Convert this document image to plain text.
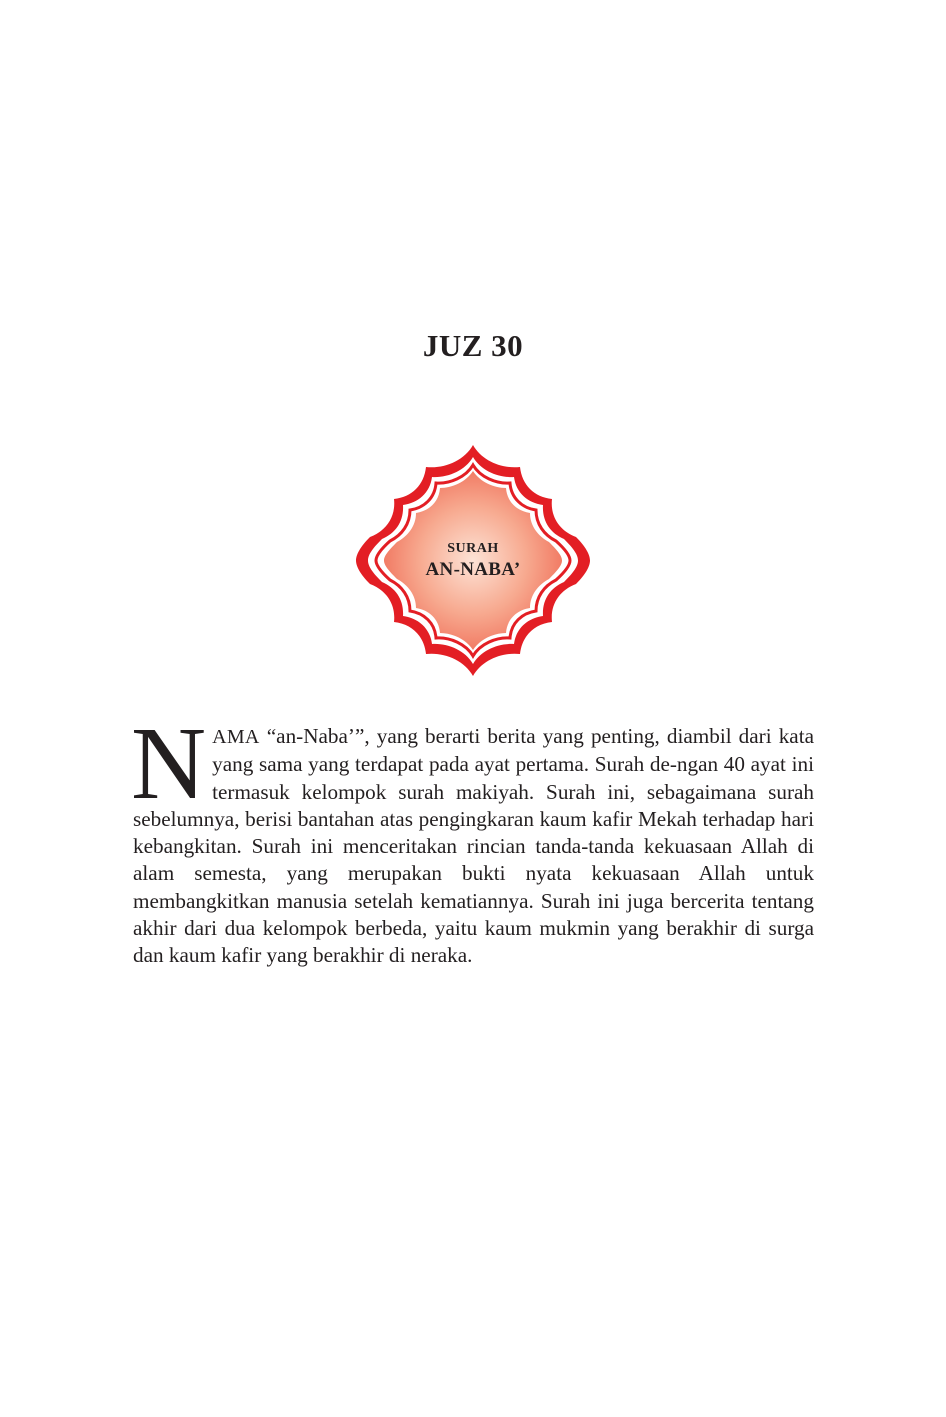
JUZ 30
SURAH
AN-NABA’

NAMA “an-Naba’”, yang berarti berita yang penting, diambil dari kata yang sama yang terdapat pada ayat pertama. Surah de-ngan 40 ayat ini termasuk kelompok surah makiyah. Surah ini, sebagaimana surah sebelumnya, berisi bantahan atas pengingkaran kaum kafir Mekah terhadap hari kebangkitan. Surah ini menceritakan rincian tanda-tanda kekuasaan Allah di alam semesta, yang merupakan bukti nyata kekuasaan Allah untuk membangkitkan manusia setelah kematiannya. Surah ini juga bercerita tentang akhir dari dua kelompok berbeda, yaitu kaum mukmin yang berakhir di surga dan kaum kafir yang berakhir di neraka.
